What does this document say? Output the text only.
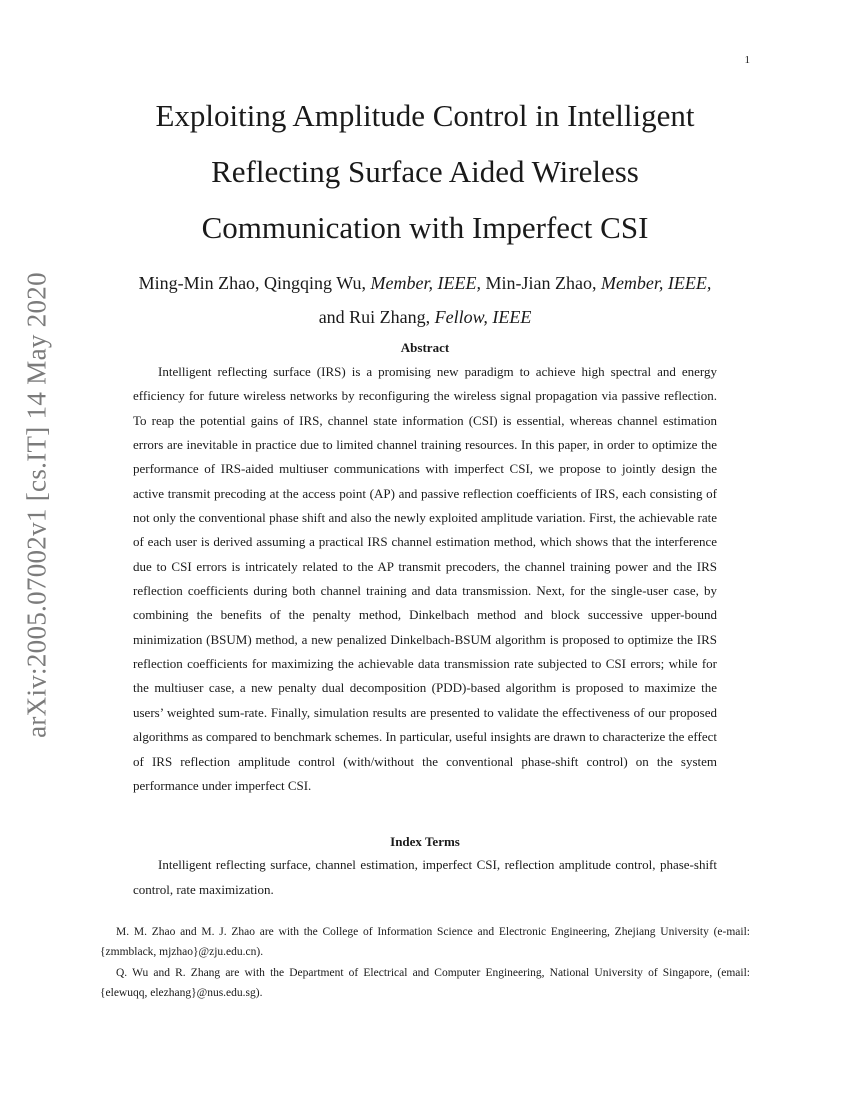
1
arXiv:2005.07002v1 [cs.IT] 14 May 2020
Exploiting Amplitude Control in Intelligent
Reflecting Surface Aided Wireless
Communication with Imperfect CSI
Ming-Min Zhao, Qingqing Wu, Member, IEEE, Min-Jian Zhao, Member, IEEE,
and Rui Zhang, Fellow, IEEE
Abstract

Intelligent reflecting surface (IRS) is a promising new paradigm to achieve high spectral and energy efficiency for future wireless networks by reconfiguring the wireless signal propagation via passive reflection. To reap the potential gains of IRS, channel state information (CSI) is essential, whereas channel estimation errors are inevitable in practice due to limited channel training resources. In this paper, in order to optimize the performance of IRS-aided multiuser communications with imperfect CSI, we propose to jointly design the active transmit precoding at the access point (AP) and passive reflection coefficients of IRS, each consisting of not only the conventional phase shift and also the newly exploited amplitude variation. First, the achievable rate of each user is derived assuming a practical IRS channel estimation method, which shows that the interference due to CSI errors is intricately related to the AP transmit precoders, the channel training power and the IRS reflection coefficients during both channel training and data transmission. Next, for the single-user case, by combining the benefits of the penalty method, Dinkelbach method and block successive upper-bound minimization (BSUM) method, a new penalized Dinkelbach-BSUM algorithm is proposed to optimize the IRS reflection coefficients for maximizing the achievable data transmission rate subjected to CSI errors; while for the multiuser case, a new penalty dual decomposition (PDD)-based algorithm is proposed to maximize the users’ weighted sum-rate. Finally, simulation results are presented to validate the effectiveness of our proposed algorithms as compared to benchmark schemes. In particular, useful insights are drawn to characterize the effect of IRS reflection amplitude control (with/without the conventional phase-shift control) on the system performance under imperfect CSI.

Index Terms

Intelligent reflecting surface, channel estimation, imperfect CSI, reflection amplitude control, phase-shift control, rate maximization.

M. M. Zhao and M. J. Zhao are with the College of Information Science and Electronic Engineering, Zhejiang University (e-mail: {zmmblack, mjzhao}@zju.edu.cn).

Q. Wu and R. Zhang are with the Department of Electrical and Computer Engineering, National University of Singapore, (email: {elewuqq, elezhang}@nus.edu.sg).
